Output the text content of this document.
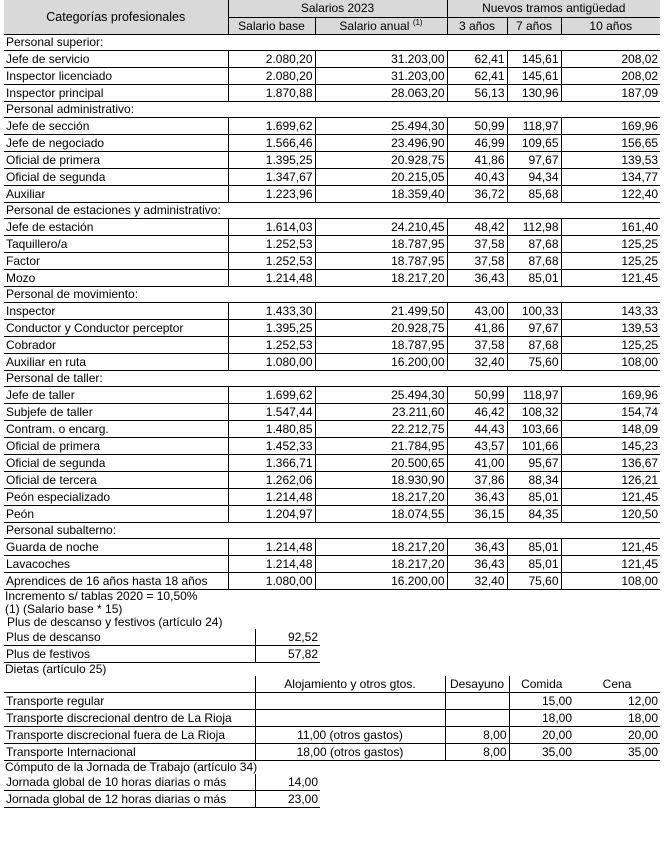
Categorías profesionales	Salarios 2023		Nuevos tramos antigüedad		
	Salario base	Salario anual $^{(1)}$	3 años	7 años	10 años
Personal superior:					
Jefe de servicio	2.080,20	31.203,00	62,41	145,61	208,02
Inspector licenciado	2.080,20	31.203,00	62,41	145,61	208,02
Inspector principal	1.870,88	28.063,20	56,13	130,96	187,09
Personal administrativo:					
Jefe de sección	1.699,62	25.494,30	50,99	118,97	169,96
Jefe de negociado	1.566,46	23.496,90	46,99	109,65	156,65
Oficial de primera	1.395,25	20.928,75	41,86	97,67	139,53
Oficial de segunda	1.347,67	20.215,05	40,43	94,34	134,77
Auxiliar	1.223,96	18.359,40	36,72	85,68	122,40
Personal de estaciones y administrativo:					
Jefe de estación	1.614,03	24.210,45	48,42	112,98	161,40
Taquillero/a	1.252,53	18.787,95	37,58	87,68	125,25
Factor	1.252,53	18.787,95	37,58	87,68	125,25
Mozo	1.214,48	18.217,20	36,43	85,01	121,45
Personal de movimiento:					
Inspector	1.433,30	21.499,50	43,00	100,33	143,33
Conductor y Conductor perceptor	1.395,25	20.928,75	41,86	97,67	139,53
Cobrador	1.252,53	18.787,95	37,58	87,68	125,25
Auxiliar en ruta	1.080,00	16.200,00	32,40	75,60	108,00
Personal de taller:					
Jefe de taller	1.699,62	25.494,30	50,99	118,97	169,96
Subjefe de taller	1.547,44	23.211,60	46,42	108,32	154,74
Contram. o encarg.	1.480,85	22.212,75	44,43	103,66	148,09
Oficial de primera	1.452,33	21.784,95	43,57	101,66	145,23
Oficial de segunda	1.366,71	20.500,65	41,00	95,67	136,67
Oficial de tercera	1.262,06	18.930,90	37,86	88,34	126,21
Peón especializado	1.214,48	18.217,20	36,43	85,01	121,45
Peón	1.204,97	18.074,55	36,15	84,35	120,50
Personal subalterno:					
Guarda de noche	1.214,48	18.217,20	36,43	85,01	121,45
Lavacoches	1.214,48	18.217,20	36,43	85,01	121,45
Aprendices de 16 años hasta 18 años	1.080,00	16.200,00	32,40	75,60	108,00
Incremento s/ tablas 2020 = 10,50%
(1) (Salario base * 15)
Plus de descanso y festivos (artículo 24)
Plus de descanso	92,52
Plus de festivos	57,82
Dietas (artículo 25)
	Alojamiento y otros gtos.	Desayuno	Comida	Cena
Transporte regular			15,00	12,00
Transporte discrecional dentro de La Rioja			18,00	18,00
Transporte discrecional fuera de La Rioja	11,00 (otros gastos)	8,00	20,00	20,00
Transporte Internacional	18,00 (otros gastos)	8,00	35,00	35,00
Cómputo de la Jornada de Trabajo (artículo 34)
Jornada global de 10 horas diarias o más	14,00
Jornada global de 12 horas diarias o más	23,00
